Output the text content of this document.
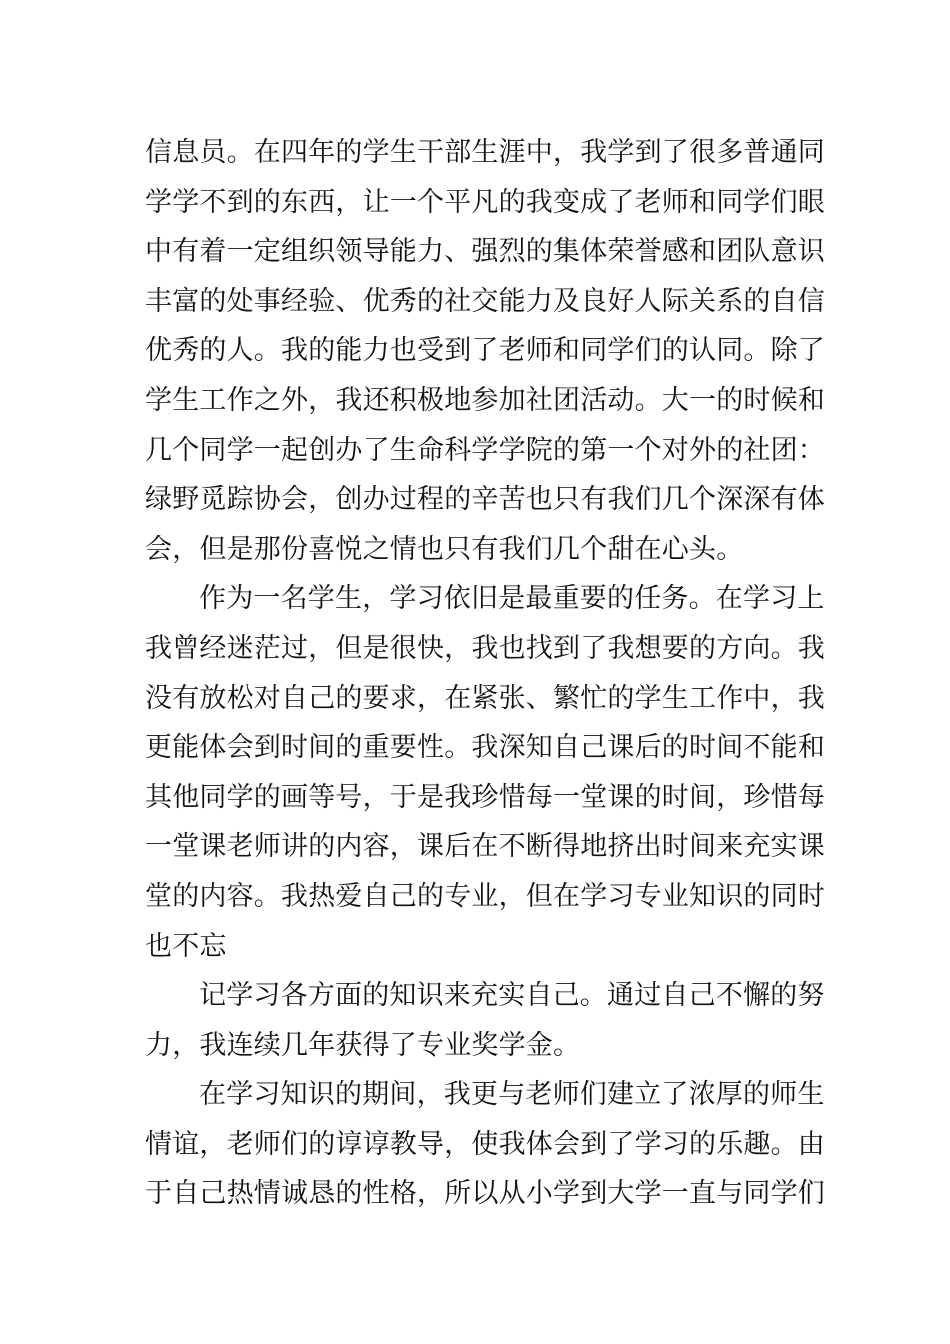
信息员。在四年的学生干部生涯中，我学到了很多普通同
学学不到的东西，让一个平凡的我变成了老师和同学们眼
中有着一定组织领导能力、强烈的集体荣誉感和团队意识
丰富的处事经验、优秀的社交能力及良好人际关系的自信
优秀的人。我的能力也受到了老师和同学们的认同。除了
学生工作之外，我还积极地参加社团活动。大一的时候和
几个同学一起创办了生命科学学院的第一个对外的社团：
绿野觅踪协会，创办过程的辛苦也只有我们几个深深有体
会，但是那份喜悦之情也只有我们几个甜在心头。
作为一名学生，学习依旧是最重要的任务。在学习上
我曾经迷茫过，但是很快，我也找到了我想要的方向。我
没有放松对自己的要求，在紧张、繁忙的学生工作中，我
更能体会到时间的重要性。我深知自己课后的时间不能和
其他同学的画等号，于是我珍惜每一堂课的时间，珍惜每
一堂课老师讲的内容，课后在不断得地挤出时间来充实课
堂的内容。我热爱自己的专业，但在学习专业知识的同时
也不忘
记学习各方面的知识来充实自己。通过自己不懈的努
力，我连续几年获得了专业奖学金。
在学习知识的期间，我更与老师们建立了浓厚的师生
情谊，老师们的谆谆教导，使我体会到了学习的乐趣。由
于自己热情诚恳的性格，所以从小学到大学一直与同学们
